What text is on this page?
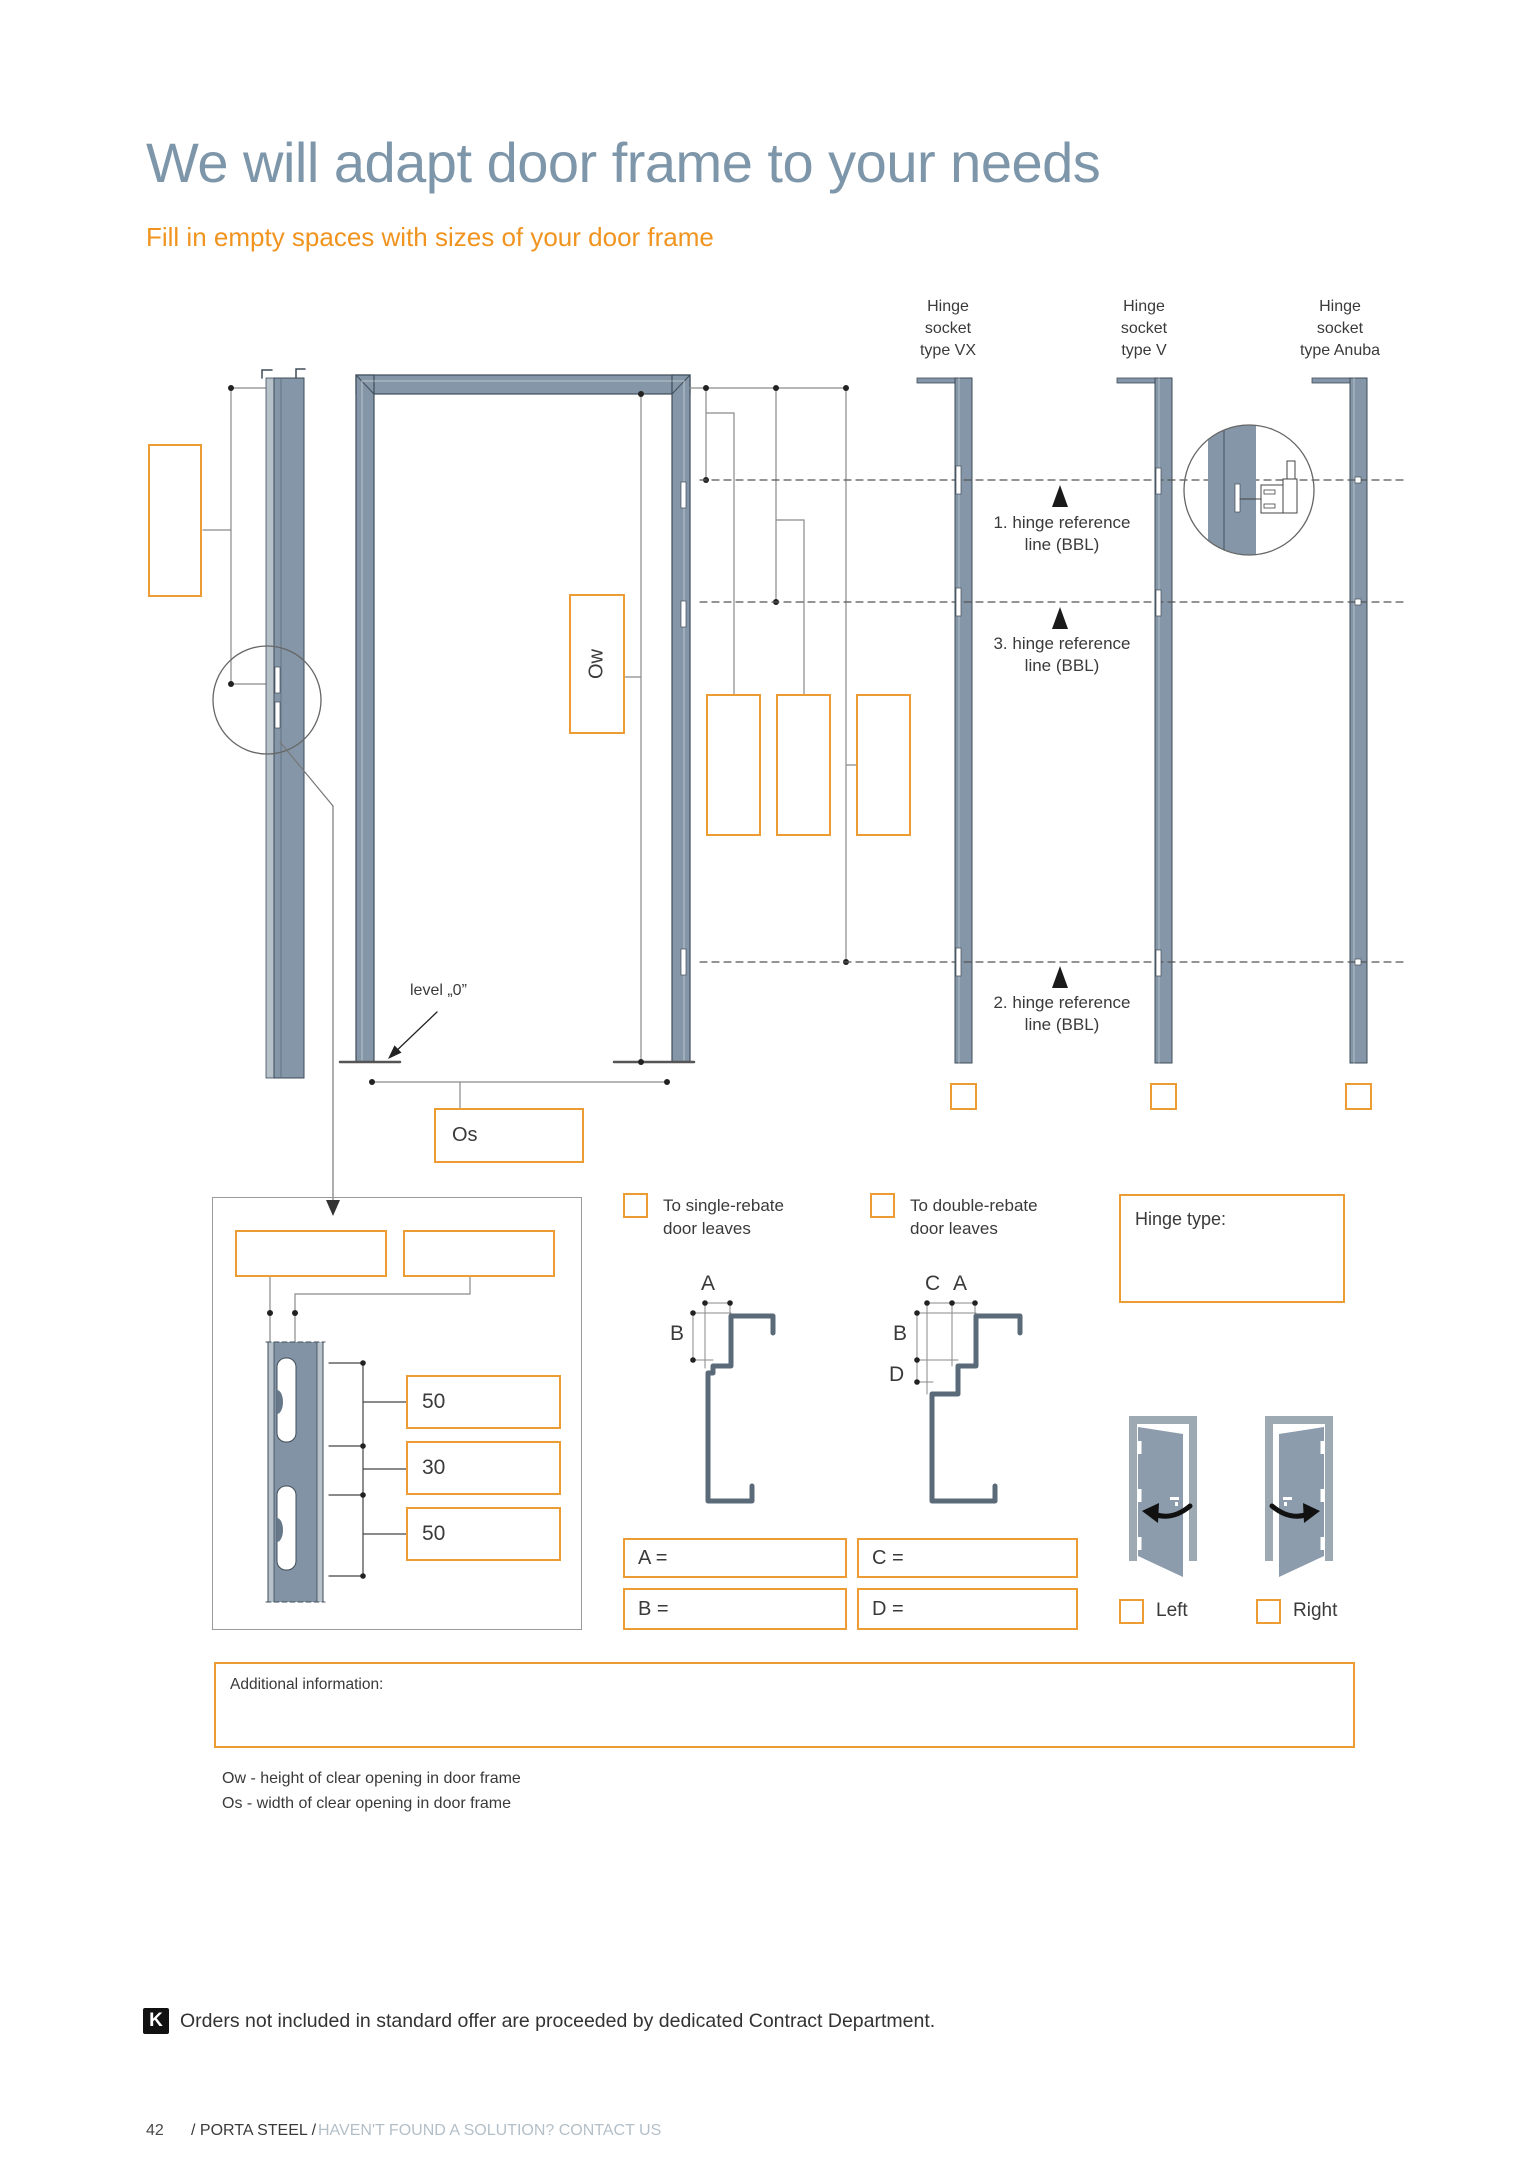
We will adapt door frame to your needs
Fill in empty spaces with sizes of your door frame
Hinge
socket
type VX
Hinge
socket
type V
Hinge
socket
type Anuba
1. hinge reference
line (BBL)
3. hinge reference
line (BBL)
2. hinge reference
line (BBL)
Ow
level „0”
Os
50
30
50
To single-rebate
door leaves
To double-rebate
door leaves
A
B
C A
B
D
Hinge type:
A =
B =
C =
D =	Left	Right
Additional information:
Ow - height of clear opening in door frame
Os - width of clear opening in door frame
K Orders not included in standard offer are proceeded by dedicated Contract Department.
42 / PORTA STEEL / HAVEN'T FOUND A SOLUTION? CONTACT US
